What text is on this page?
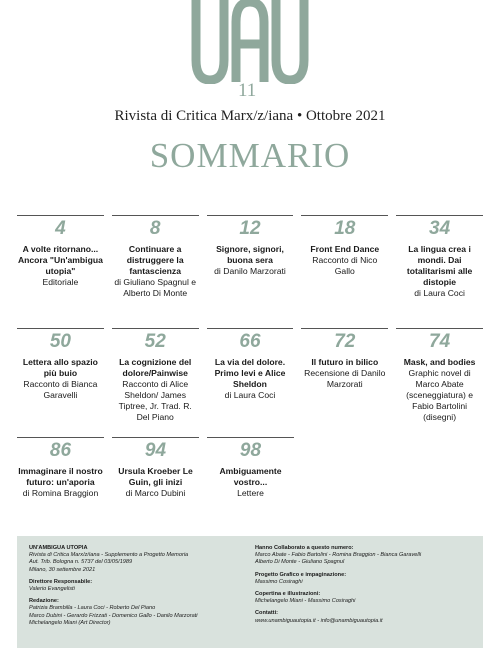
11
Rivista di Critica Marx/z/iana • Ottobre 2021
SOMMARIO
4
A volte ritornano... Ancora "Un'ambigua utopia"
Editoriale
8
Continuare a distruggere la fantascienza
di Giuliano Spagnul e Alberto Di Monte
12
Signore, signori, buona sera
di Danilo Marzorati
18
Front End Dance
Racconto di Nico Gallo
34
La lingua crea i mondi. Dai totalitarismi alle distopie
di Laura Coci
50
Lettera allo spazio più buio
Racconto di Bianca Garavelli
52
La cognizione del dolore/Painwise
Racconto di Alice Sheldon/ James Tiptree, Jr. Trad. R. Del Piano
66
La via del dolore. Primo levi e Alice Sheldon
di Laura Coci
72
Il futuro in bilico
Recensione di Danilo Marzorati
74
Mask, and bodies
Graphic novel di Marco Abate (sceneggiatura) e Fabio Bartolini (disegni)
86
Immaginare il nostro futuro: un'aporia
di Romina Braggion
94
Ursula Kroeber Le Guin, gli inizi
di Marco Dubini
98
Ambiguamente vostro...
Lettere
UN'AMBIGUA UTOPIA
Rivista di Critica Marx/z/iana - Supplemento a Progetto Memoria
Aut. Trib. Bologna n. 5737 del 03/05/1989
Milano, 30 settembre 2021
Direttore Responsabile:
Valerio Evangelisti
Redazione:
Patrizia Brambilla - Laura Coci - Roberto Del Piano
Marco Dubini - Gerardo Frizzati - Domenico Gallo - Danilo Marzorati
Michelangelo Miani (Art Director)
Hanno Collaborato a questo numero:
Marco Abate - Fabio Bartolini - Romina Braggion - Bianca Garavelli
Alberto Di Monte - Giuliano Spagnul
Progetto Grafico e impaginazione:
Massimo Cosiraghi
Copertina e illustrazioni:
Michelangelo Miani - Massimo Cosiraghi
Contatti:
www.unambiguautopia.it - info@unambiguautopia.it
